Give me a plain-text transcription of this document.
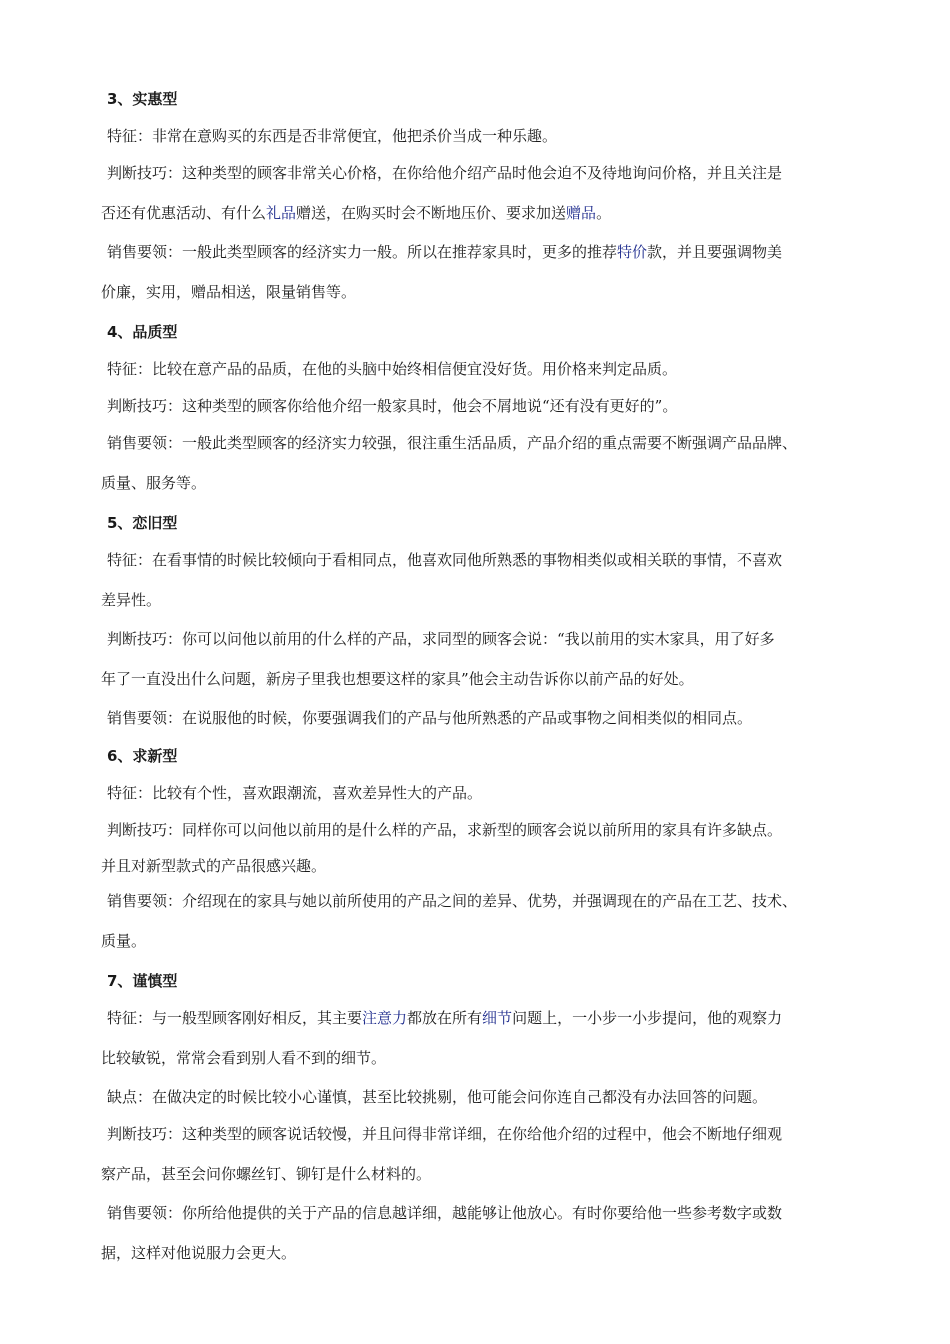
3、实惠型

特征：非常在意购买的东西是否非常便宜，他把杀价当成一种乐趣。

判断技巧：这种类型的顾客非常关心价格，在你给他介绍产品时他会迫不及待地询问价格，并且关注是
否还有优惠活动、有什么礼品赠送，在购买时会不断地压价、要求加送赠品。

销售要领：一般此类型顾客的经济实力一般。所以在推荐家具时，更多的推荐特价款，并且要强调物美
价廉，实用，赠品相送，限量销售等。

4、品质型

特征：比较在意产品的品质，在他的头脑中始终相信便宜没好货。用价格来判定品质。

判断技巧：这种类型的顾客你给他介绍一般家具时，他会不屑地说“还有没有更好的”。

销售要领：一般此类型顾客的经济实力较强，很注重生活品质，产品介绍的重点需要不断强调产品品牌、
质量、服务等。

5、恋旧型

特征：在看事情的时候比较倾向于看相同点，他喜欢同他所熟悉的事物相类似或相关联的事情，不喜欢
差异性。

判断技巧：你可以问他以前用的什么样的产品，求同型的顾客会说：“我以前用的实木家具，用了好多
年了一直没出什么问题，新房子里我也想要这样的家具”他会主动告诉你以前产品的好处。

销售要领：在说服他的时候，你要强调我们的产品与他所熟悉的产品或事物之间相类似的相同点。

6、求新型

特征：比较有个性，喜欢跟潮流，喜欢差异性大的产品。

判断技巧：同样你可以问他以前用的是什么样的产品，求新型的顾客会说以前所用的家具有许多缺点。
并且对新型款式的产品很感兴趣。

销售要领：介绍现在的家具与她以前所使用的产品之间的差异、优势，并强调现在的产品在工艺、技术、
质量。

7、谨慎型

特征：与一般型顾客刚好相反，其主要注意力都放在所有细节问题上，一小步一小步提问，他的观察力
比较敏锐，常常会看到别人看不到的细节。

缺点：在做决定的时候比较小心谨慎，甚至比较挑剔，他可能会问你连自己都没有办法回答的问题。

判断技巧：这种类型的顾客说话较慢，并且问得非常详细，在你给他介绍的过程中，他会不断地仔细观
察产品，甚至会问你螺丝钉、铆钉是什么材料的。

销售要领：你所给他提供的关于产品的信息越详细，越能够让他放心。有时你要给他一些参考数字或数
据，这样对他说服力会更大。
